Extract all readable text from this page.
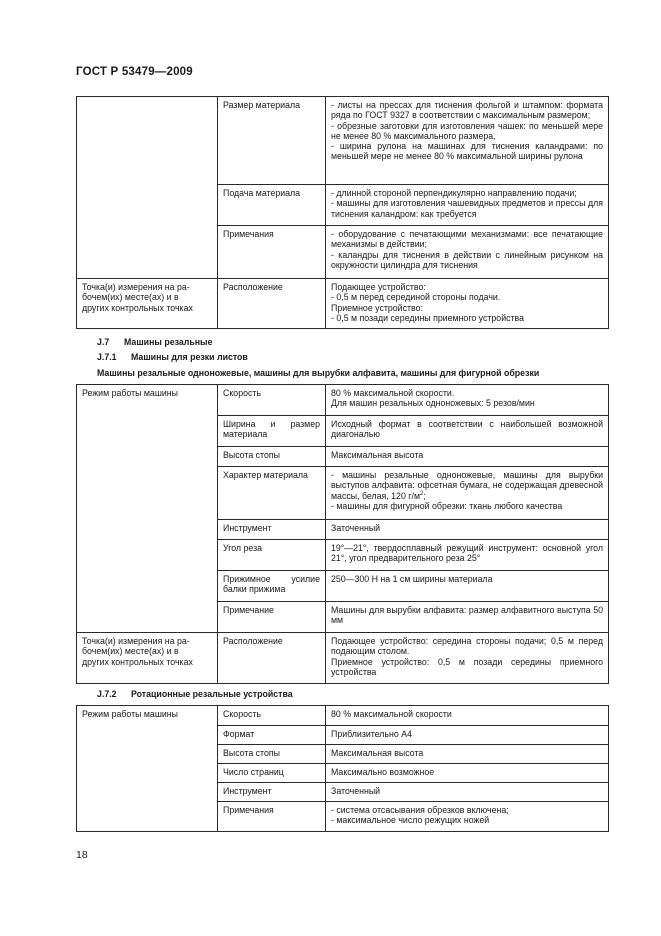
ГОСТ Р 53479—2009
	Размер материала	- листы на прессах для тиснения фольгой и штампом: формата ряда по ГОСТ 9327 в соответствии с максимальным размером;
- обрезные заготовки для изготовления чашек: по меньшей мере не менее 80 % максимального размера,
- ширина рулона на машинах для тиснения каландрами: по меньшей мере не менее 80 % максимальной ширины рулона

	Подача материала	- длинной стороной перпендикулярно направлению подачи;
- машины для изготовления чашевидных предметов и прессы для тиснения каландром: как требуется

	Примечания	- оборудование с печатающими механизмами: все печатающие механизмы в действии;
- каландры для тиснения в действии с линейным рисунком на окружности цилиндра для тиснения

Точка(и) измерения на ра-
бочем(их) месте(ах) и в
других контрольных точках	Расположение	Подающее устройство:
- 0,5 м перед серединой стороны подачи.
Приемное устройство:
- 0,5 м позади середины приемного устройства
J.7 Машины резальные
J.7.1 Машины для резки листов
Машины резальные одноножевые, машины для вырубки алфавита, машины для фигурной обрезки
Режим работы машины	Скорость	80 % максимальной скорости.
Для машин резальных одноножевых: 5 резов/мин

	Ширина и размер материала	Исходный формат в соответствии с наибольшей возможной диагональю

	Высота стопы	Максимальная высота

	Характер материала	- машины резальные одноножевые, машины для вырубки выступов алфавита: офсетная бумага, не содержащая древесной массы, белая, 120 $г/м^2$;
- машины для фигурной обрезки: ткань любого качества

	Инструмент	Заточенный

	Угол реза	19°—21°, твердосплавный режущий инструмент: основной угол 21°, угол предварительного реза 25°

	Прижимное усилие балки прижима	250—300 Н на 1 см ширины материала

	Примечание	Машины для вырубки алфавита: размер алфавитного выступа 50 мм

Точка(и) измерения на ра-
бочем(их) месте(ах) и в
других контрольных точках	Расположение	Подающее устройство: середина стороны подачи; 0,5 м перед подающим столом.
Приемное устройство: 0,5 м позади середины приемного устройства
J.7.2 Ротационные резальные устройства
Режим работы машины	Скорость	80 % максимальной скорости

	Формат	Приблизительно А4

	Высота стопы	Максимальная высота

	Число страниц	Максимально возможное

	Инструмент	Заточенный

	Примечания	- система отсасывания обрезков включена;
- максимальное число режущих ножей
18
